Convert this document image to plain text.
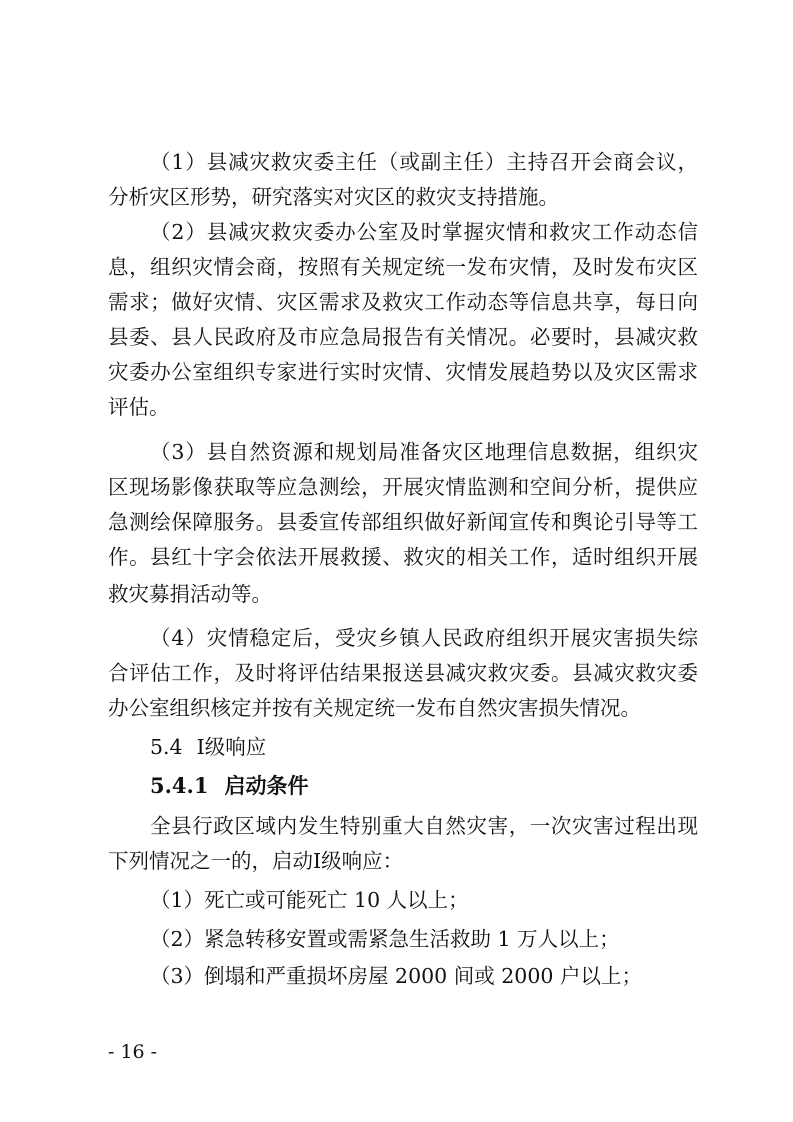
（1）县减灾救灾委主任（或副主任）主持召开会商会议，
分析灾区形势，研究落实对灾区的救灾支持措施。
（2）县减灾救灾委办公室及时掌握灾情和救灾工作动态信
息，组织灾情会商，按照有关规定统一发布灾情，及时发布灾区
需求；做好灾情、灾区需求及救灾工作动态等信息共享，每日向
县委、县人民政府及市应急局报告有关情况。必要时，县减灾救
灾委办公室组织专家进行实时灾情、灾情发展趋势以及灾区需求
评估。
（3）县自然资源和规划局准备灾区地理信息数据，组织灾
区现场影像获取等应急测绘，开展灾情监测和空间分析，提供应
急测绘保障服务。县委宣传部组织做好新闻宣传和舆论引导等工
作。县红十字会依法开展救援、救灾的相关工作，适时组织开展
救灾募捐活动等。
（4）灾情稳定后，受灾乡镇人民政府组织开展灾害损失综
合评估工作，及时将评估结果报送县减灾救灾委。县减灾救灾委
办公室组织核定并按有关规定统一发布自然灾害损失情况。
5.4 I级响应
5.4.1 启动条件
全县行政区域内发生特别重大自然灾害，一次灾害过程出现
下列情况之一的，启动I级响应：
（1）死亡或可能死亡 10 人以上；
（2）紧急转移安置或需紧急生活救助 1 万人以上；
（3）倒塌和严重损坏房屋 2000 间或 2000 户以上；
- 16 -
